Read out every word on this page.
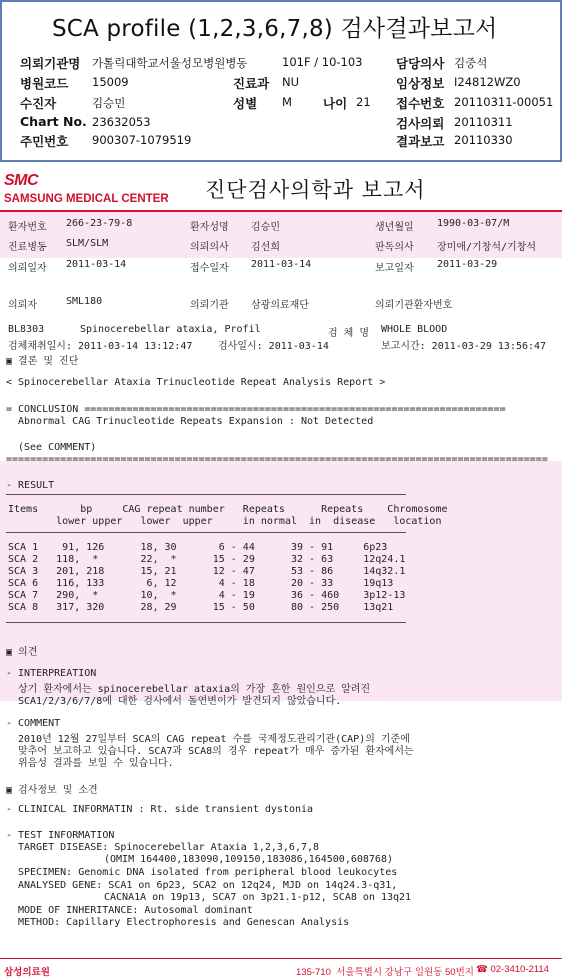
SCA profile (1,2,3,6,7,8) 검사결과보고서
의뢰기관명 가톨릭대학교서울성모병원병동	101F / 10-103	담당의사 김중석
병원코드 15009	진료과 NU	임상정보 I24812WZ0
수진자	김승민	성별 M 나이 21 접수번호 20110311-00051
Chart No. 23632053	검사의뢰 20110311
주민번호 900307-1079519	결과보고 20110330
SMC
SAMSUNG MEDICAL CENTER 진단검사의학과 보고서
환자번호 266-23-79-8	환자성명 김승민	생년월일 1990-03-07/M
진료병동 SLM/SLM	의뢰의사 김선희	판독의사 장미애/기창석/기창석
의뢰일자 2011-03-14	접수일자 2011-03-14	보고일자 2011-03-29
의뢰자	SML180	의뢰기관 삼광의료재단	의뢰기관환자번호
BL8303	Spinocerebellar ataxia, Profil	검 체 명 WHOLE BLOOD
검체채취일시: 2011-03-14 13:12:47	검사일시: 2011-03-14	보고시간: 2011-03-29 13:56:47
▣ 결론 및 진단
< Spinocerebellar Ataxia Trinucleotide Repeat Analysis Report >
= CONCLUSION ======================================================================
Abnormal CAG Trinucleotide Repeats Expansion : Not Detected
(See COMMENT)
==========================================================================================
- RESULT
Items       bp     CAG repeat number   Repeats      Repeats    Chromosome
lower upper   lower  upper     in normal  in  disease   location
SCA 1    91, 126      18, 30       6 - 44      39 - 91     6p23
SCA 2   118,  *       22,  *      15 - 29      32 - 63     12q24.1
SCA 3   201, 218      15, 21      12 - 47      53 - 86     14q32.1
SCA 6   116, 133       6, 12       4 - 18      20 - 33     19q13
SCA 7   290,  *       10,  *       4 - 19      36 - 460    3p12-13
SCA 8   317, 320      28, 29      15 - 50      80 - 250    13q21
▣ 의견
- INTERPREATION
상기 환자에서는 spinocerebellar ataxia의 가장 흔한 원인으로 알려진
SCA1/2/3/6/7/8에 대한 검사에서 돌연변이가 발견되지 않았습니다.
- COMMENT
2010년 12월 27일부터 SCA의 CAG repeat 수를 국제정도관리기관(CAP)의 기준에
맞추어 보고하고 있습니다. SCA7과 SCA8의 경우 repeat가 매우 증가된 환자에서는
위음성 결과를 보일 수 있습니다.
▣ 검사정보 및 소견
- CLINICAL INFORMATIN : Rt. side transient dystonia
- TEST INFORMATION
TARGET DISEASE: Spinocerebellar Ataxia 1,2,3,6,7,8
(OMIM 164400,183090,109150,183086,164500,608768)
SPECIMEN: Genomic DNA isolated from peripheral blood leukocytes
ANALYSED GENE: SCA1 on 6p23, SCA2 on 12q24, MJD on 14q24.3-q31,
CACNA1A on 19p13, SCA7 on 3p21.1-p12, SCA8 on 13q21
MODE OF INHERITANCE: Autosomal dominant
METHOD: Capillary Electrophoresis and Genescan Analysis
삼성의료원	135-710  서울특별시 강남구 일원동 50번지 ☎ 02-3410-2114
